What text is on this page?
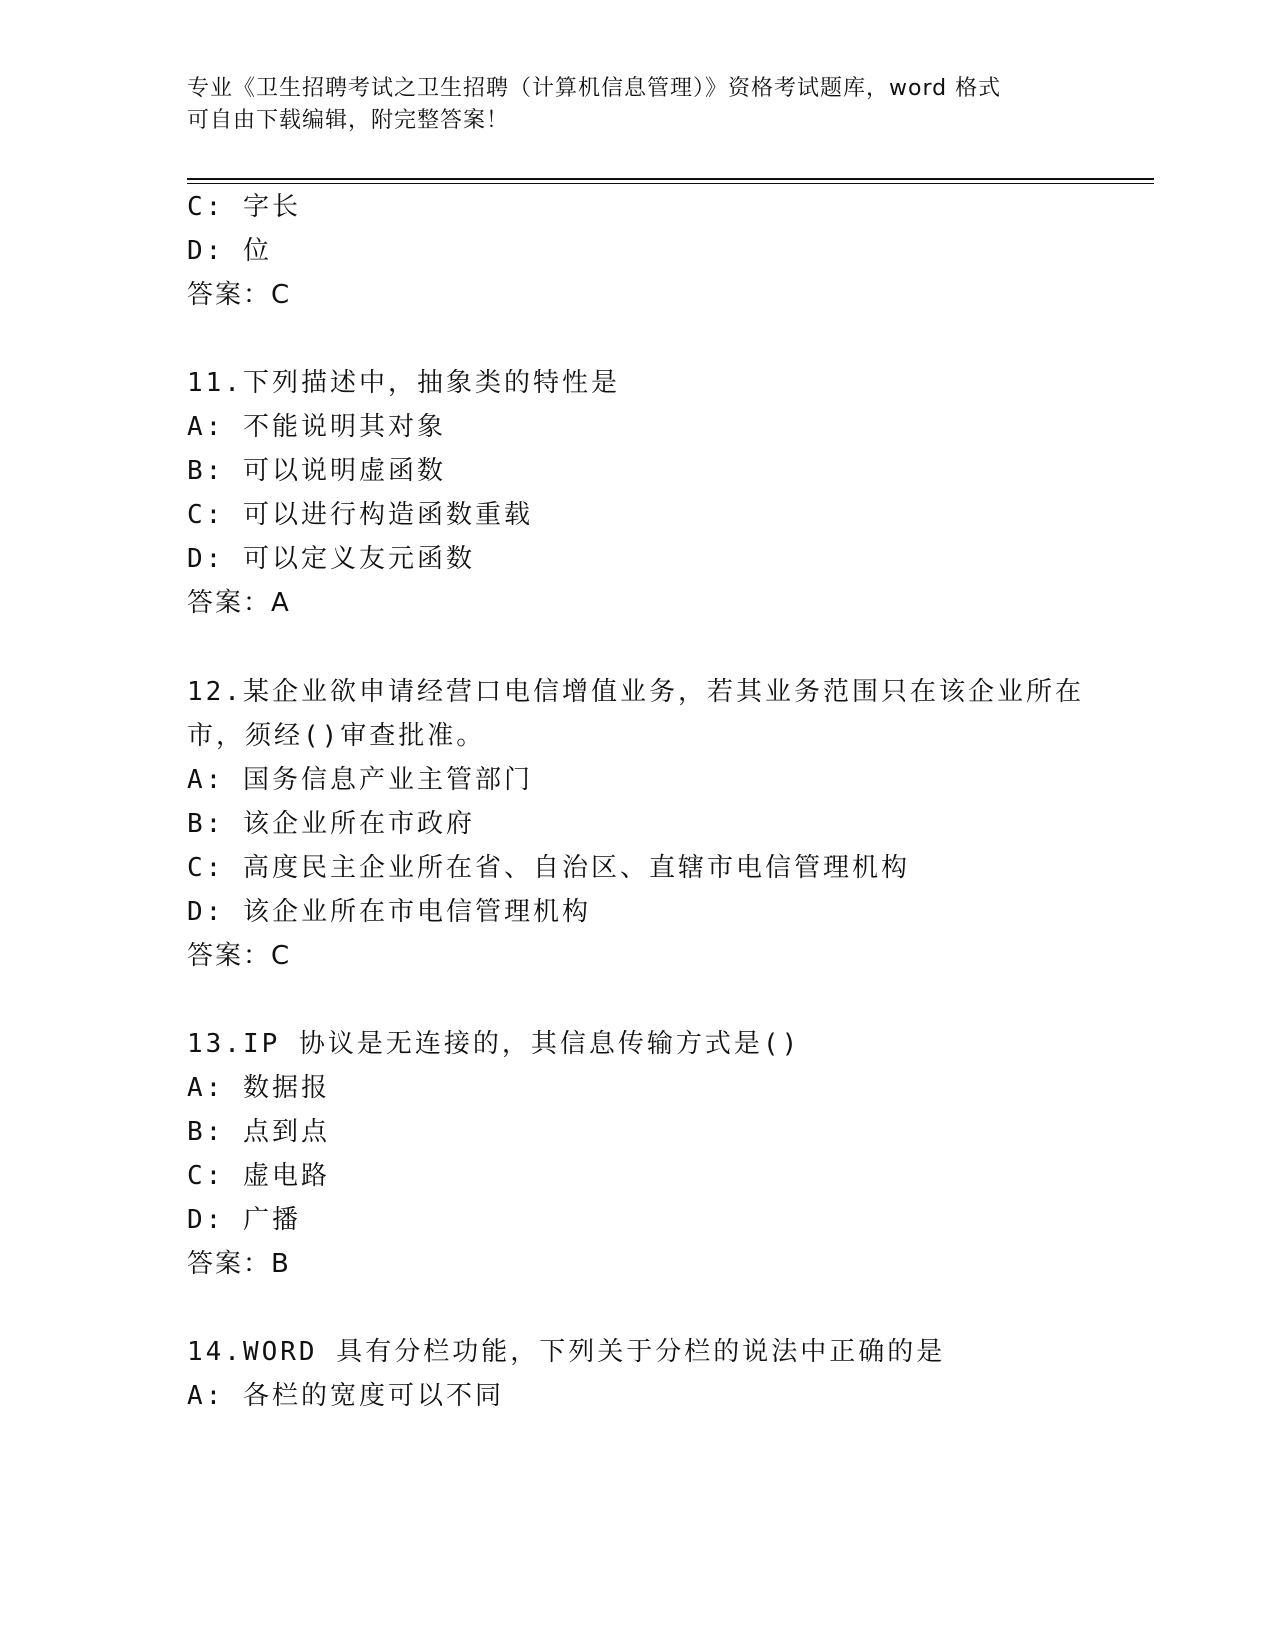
专业《卫生招聘考试之卫生招聘（计算机信息管理）》资格考试题库，word 格式
可自由下载编辑，附完整答案！
C: 字长
D: 位
答案：C
11.下列描述中，抽象类的特性是
A: 不能说明其对象
B: 可以说明虚函数
C: 可以进行构造函数重载
D: 可以定义友元函数
答案：A
12.某企业欲申请经营口电信增值业务，若其业务范围只在该企业所在
市，须经()审查批准。
A: 国务信息产业主管部门
B: 该企业所在市政府
C: 高度民主企业所在省、自治区、直辖市电信管理机构
D: 该企业所在市电信管理机构
答案：C
13.IP 协议是无连接的，其信息传输方式是()
A: 数据报
B: 点到点
C: 虚电路
D: 广播
答案：B
14.WORD 具有分栏功能，下列关于分栏的说法中正确的是
A: 各栏的宽度可以不同
